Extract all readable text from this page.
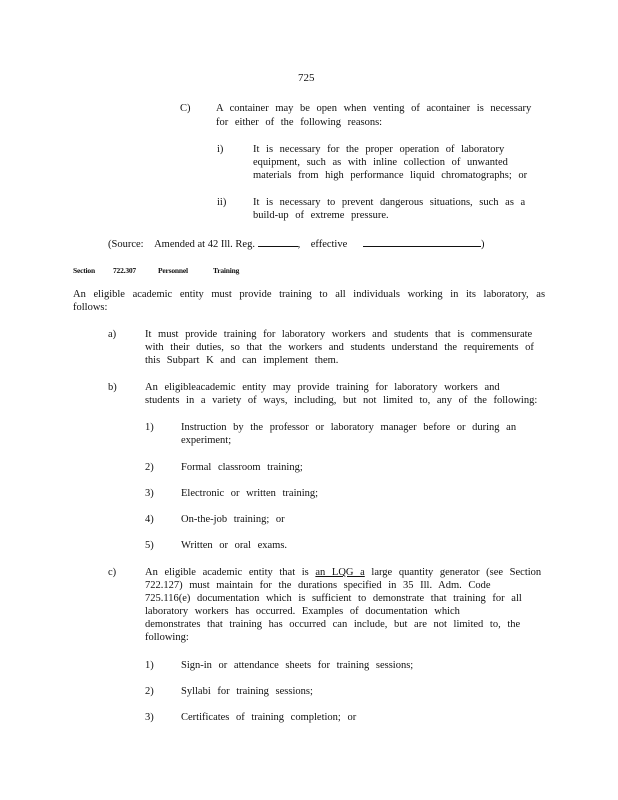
725
C) A container may be open when venting of acontainer is necessary
for either of the following reasons:
i)	It is necessary for the proper operation of laboratory
equipment, such as with inline collection of unwanted
materials from high performance liquid chromatographs; or
ii)	It is necessary to prevent dangerous situations, such as a
build-up of extreme pressure.
(Source: Amended at 42 Ill. Reg.	, effective	)
Section 722.307	Personnel	Training
An eligible academic entity must provide training to all individuals working in its laboratory, as
follows:
a)	It must provide training for laboratory workers and students that is commensurate
with their duties, so that the workers and students understand the requirements of
this Subpart K and can implement them.
b)	An eligibleacademic entity may provide training for laboratory workers and
students in a variety of ways, including, but not limited to, any of the following:
1)	Instruction by the professor or laboratory manager before or during an
experiment;
2)	Formal classroom training;
3)	Electronic or written training;
4)	On-the-job training; or
5)	Written or oral exams.
c)	An eligible academic entity that is an LQG a large quantity generator (see Section
722.127) must maintain for the durations specified in 35 Ill. Adm. Code
725.116(e) documentation which is sufficient to demonstrate that training for all
laboratory workers has occurred. Examples of documentation which
demonstrates that training has occurred can include, but are not limited to, the
following:
1)	Sign-in or attendance sheets for training sessions;
2)	Syllabi for training sessions;
3)	Certificates of training completion; or
